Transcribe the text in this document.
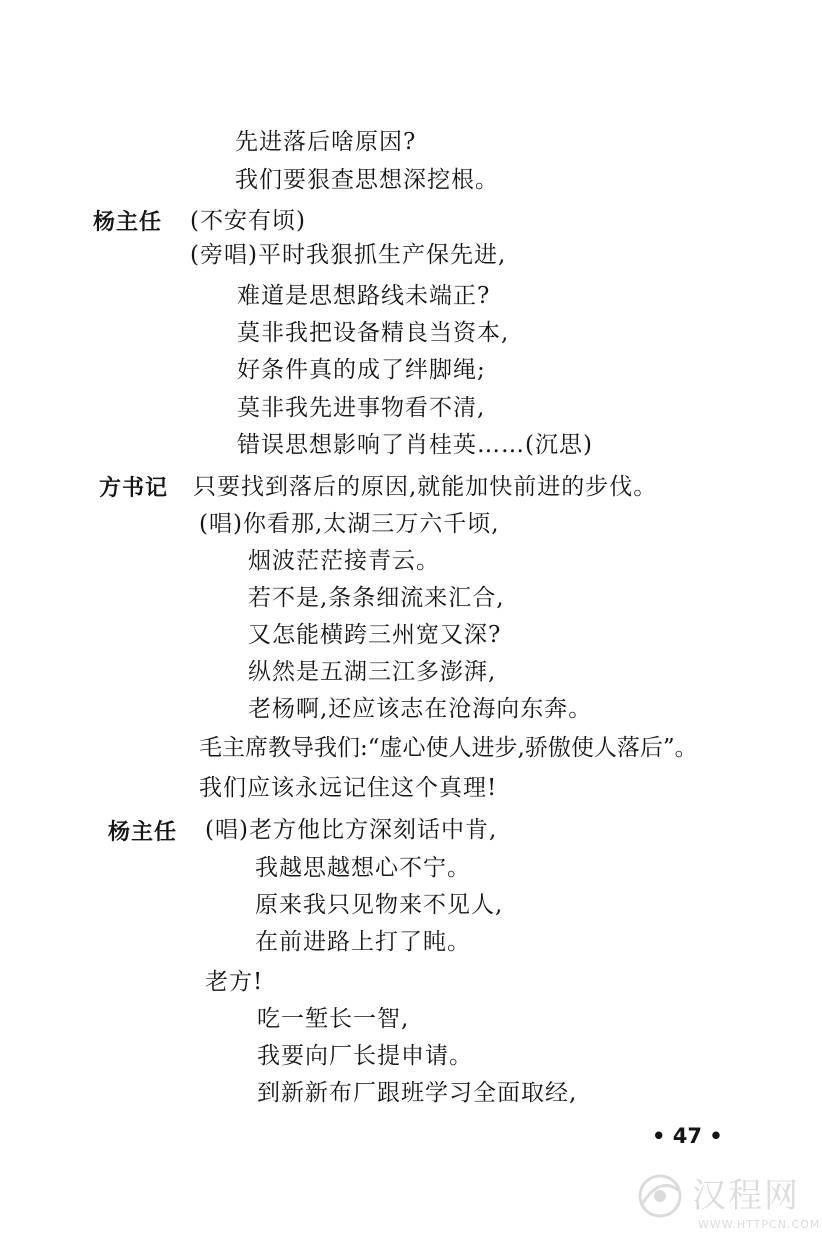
先进落后啥原因?
我们要狠查思想深挖根。
杨主任 (不安有顷)
(旁唱)平时我狠抓生产保先进,
难道是思想路线未端正?
莫非我把设备精良当资本,
好条件真的成了绊脚绳;
莫非我先进事物看不清,
错误思想影响了肖桂英……(沉思)
方书记 只要找到落后的原因,就能加快前进的步伐。
(唱)你看那,太湖三万六千顷,
烟波茫茫接青云。
若不是,条条细流来汇合,
又怎能横跨三州宽又深?
纵然是五湖三江多澎湃,
老杨啊,还应该志在沧海向东奔。
毛主席教导我们:“虚心使人进步,骄傲使人落后”。
我们应该永远记住这个真理!
杨主任 (唱)老方他比方深刻话中肯,
我越思越想心不宁。
原来我只见物来不见人,
在前进路上打了盹。
老方!
吃一堑长一智,
我要向厂长提申请。
到新新布厂跟班学习全面取经,
• 47 •
汉程网
WWW.HTTPCN.COM
